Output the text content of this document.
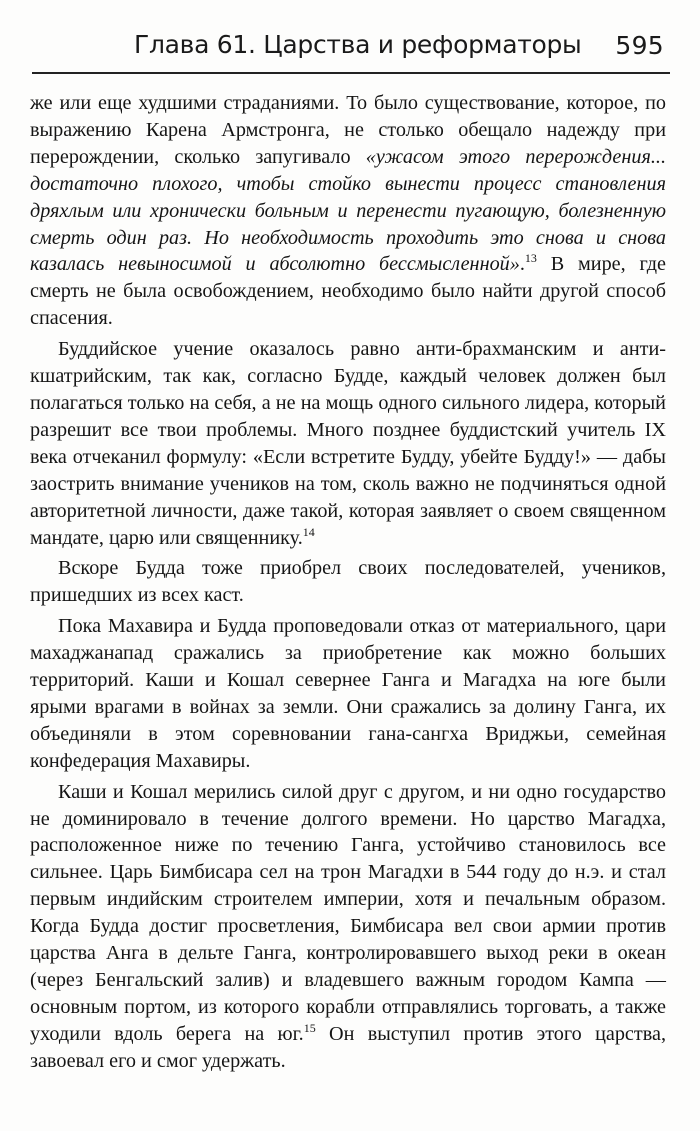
Глава 61. Царства и реформаторы 595

же или еще худшими страданиями. То было существование, которое, по выражению Карена Армстронга, не столько обещало надежду при перерождении, сколько запугивало «ужасом этого перерождения... достаточно плохого, чтобы стойко вынести процесс становления дряхлым или хронически больным и перенести пугающую, болезненную смерть один раз. Но необходимость проходить это снова и снова казалась невыносимой и абсолютно бессмысленной».$^{13}$ В мире, где смерть не была освобождением, необходимо было найти другой способ спасения.

Буддийское учение оказалось равно анти-брахманским и анти-кшатрийским, так как, согласно Будде, каждый человек должен был полагаться только на себя, а не на мощь одного сильного лидера, который разрешит все твои проблемы. Много позднее буддистский учитель IX века отчеканил формулу: «Если встретите Будду, убейте Будду!» — дабы заострить внимание учеников на том, сколь важно не подчиняться одной авторитетной личности, даже такой, которая заявляет о своем священном мандате, царю или священнику.$^{14}$

Вскоре Будда тоже приобрел своих последователей, учеников, пришедших из всех каст.

Пока Махавира и Будда проповедовали отказ от материального, цари махаджанапад сражались за приобретение как можно больших территорий. Каши и Кошал севернее Ганга и Магадха на юге были ярыми врагами в войнах за земли. Они сражались за долину Ганга, их объединяли в этом соревновании гана-сангха Вриджьи, семейная конфедерация Махавиры.

Каши и Кошал мерились силой друг с другом, и ни одно государство не доминировало в течение долгого времени. Но царство Магадха, расположенное ниже по течению Ганга, устойчиво становилось все сильнее. Царь Бимбисара сел на трон Магадхи в 544 году до н.э. и стал первым индийским строителем империи, хотя и печальным образом. Когда Будда достиг просветления, Бимбисара вел свои армии против царства Анга в дельте Ганга, контролировавшего выход реки в океан (через Бенгальский залив) и владевшего важным городом Кампа — основным портом, из которого корабли отправлялись торговать, а также уходили вдоль берега на юг.$^{15}$ Он выступил против этого царства, завоевал его и смог удержать.
